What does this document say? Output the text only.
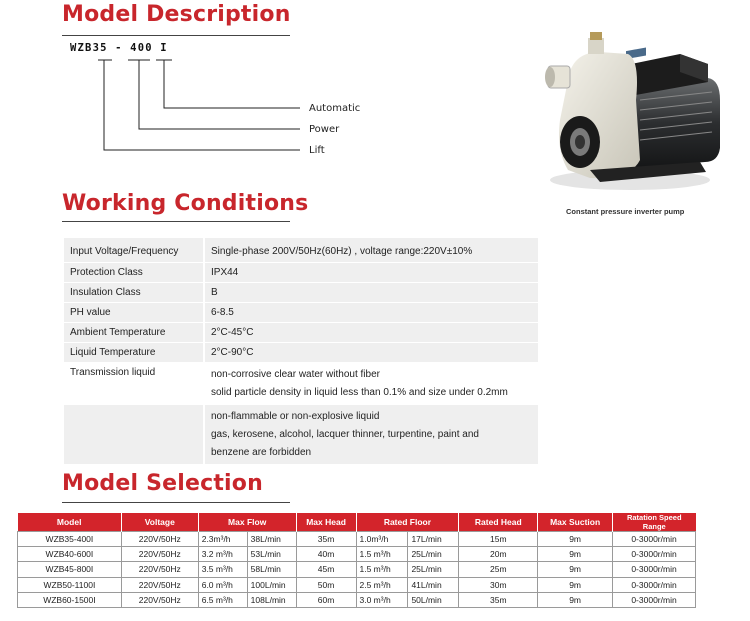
Model Description
WZB35 - 400 I
Automatic
Power
Lift
Constant pressure inverter pump
Working Conditions
Input Voltage/Frequency	Single-phase 200V/50Hz(60Hz) , voltage range:220V±10%
Protection Class	IPX44
Insulation Class	B
PH value	6-8.5
Ambient Temperature	2°C-45°C
Liquid Temperature	2°C-90°C
Transmission liquid	non-corrosive clear water without fiber
solid particle density in liquid less than 0.1% and size under 0.2mm

	non-flammable or non-explosive liquid
gas, kerosene, alcohol, lacquer thinner, turpentine, paint and
benzene are forbidden
Model Selection
Model	Voltage	Max Flow		Max Head	Rated Floor		Rated Head	Max Suction	Ratation Speed Range
WZB35-400I	220V/50Hz	2.3m³/h	38L/min	35m	1.0m³/h	17L/min	15m	9m	0-3000r/min
WZB40-600I	220V/50Hz	3.2 m³/h	53L/min	40m	1.5 m³/h	25L/min	20m	9m	0-3000r/min
WZB45-800I	220V/50Hz	3.5 m³/h	58L/min	45m	1.5 m³/h	25L/min	25m	9m	0-3000r/min
WZB50-1100I	220V/50Hz	6.0 m³/h	100L/min	50m	2.5 m³/h	41L/min	30m	9m	0-3000r/min
WZB60-1500I	220V/50Hz	6.5 m³/h	108L/min	60m	3.0 m³/h	50L/min	35m	9m	0-3000r/min
